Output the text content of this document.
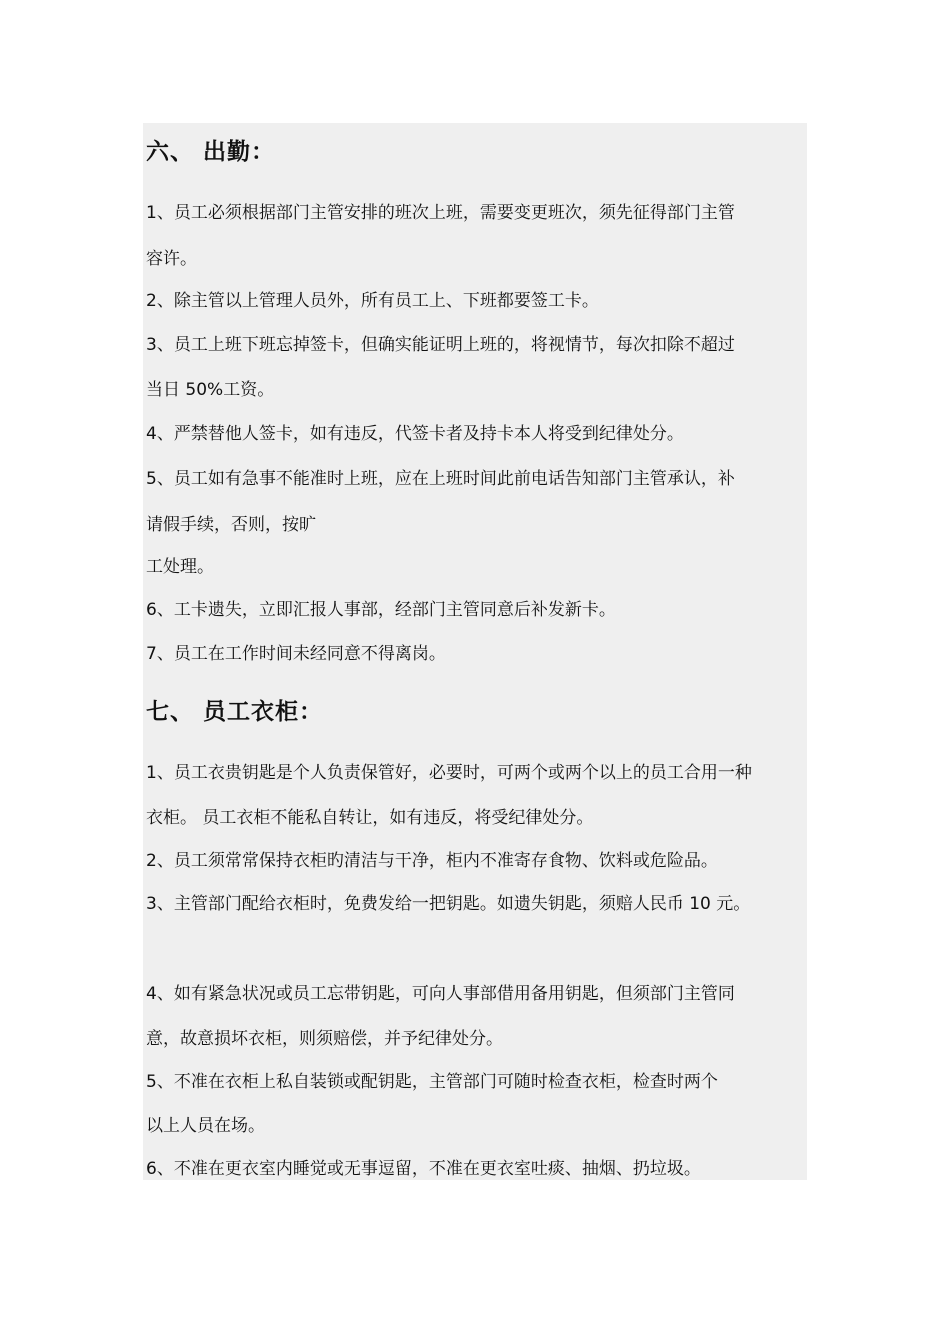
六、 出勤：

1、员工必须根据部门主管安排的班次上班，需要变更班次，须先征得部门主管

容许。

2、除主管以上管理人员外，所有员工上、下班都要签工卡。

3、员工上班下班忘掉签卡，但确实能证明上班的，将视情节，每次扣除不超过

当日 50%工资。

4、严禁替他人签卡，如有违反，代签卡者及持卡本人将受到纪律处分。

5、员工如有急事不能准时上班，应在上班时间此前电话告知部门主管承认，补

请假手续，否则，按旷

工处理。

6、工卡遗失，立即汇报人事部，经部门主管同意后补发新卡。

7、员工在工作时间未经同意不得离岗。

七、 员工衣柜：

1、员工衣贵钥匙是个人负责保管好，必要时，可两个或两个以上的员工合用一种

衣柜。 员工衣柜不能私自转让，如有违反，将受纪律处分。

2、员工须常常保持衣柜旳清洁与干净，柜内不准寄存食物、饮料或危险品。

3、主管部门配给衣柜时，免费发给一把钥匙。如遗失钥匙，须赔人民币 10 元。

4、如有紧急状况或员工忘带钥匙，可向人事部借用备用钥匙，但须部门主管同

意，故意损坏衣柜，则须赔偿，并予纪律处分。

5、不准在衣柜上私自装锁或配钥匙，主管部门可随时检查衣柜，检查时两个

以上人员在场。

6、不准在更衣室内睡觉或无事逗留，不准在更衣室吐痰、抽烟、扔垃圾。
